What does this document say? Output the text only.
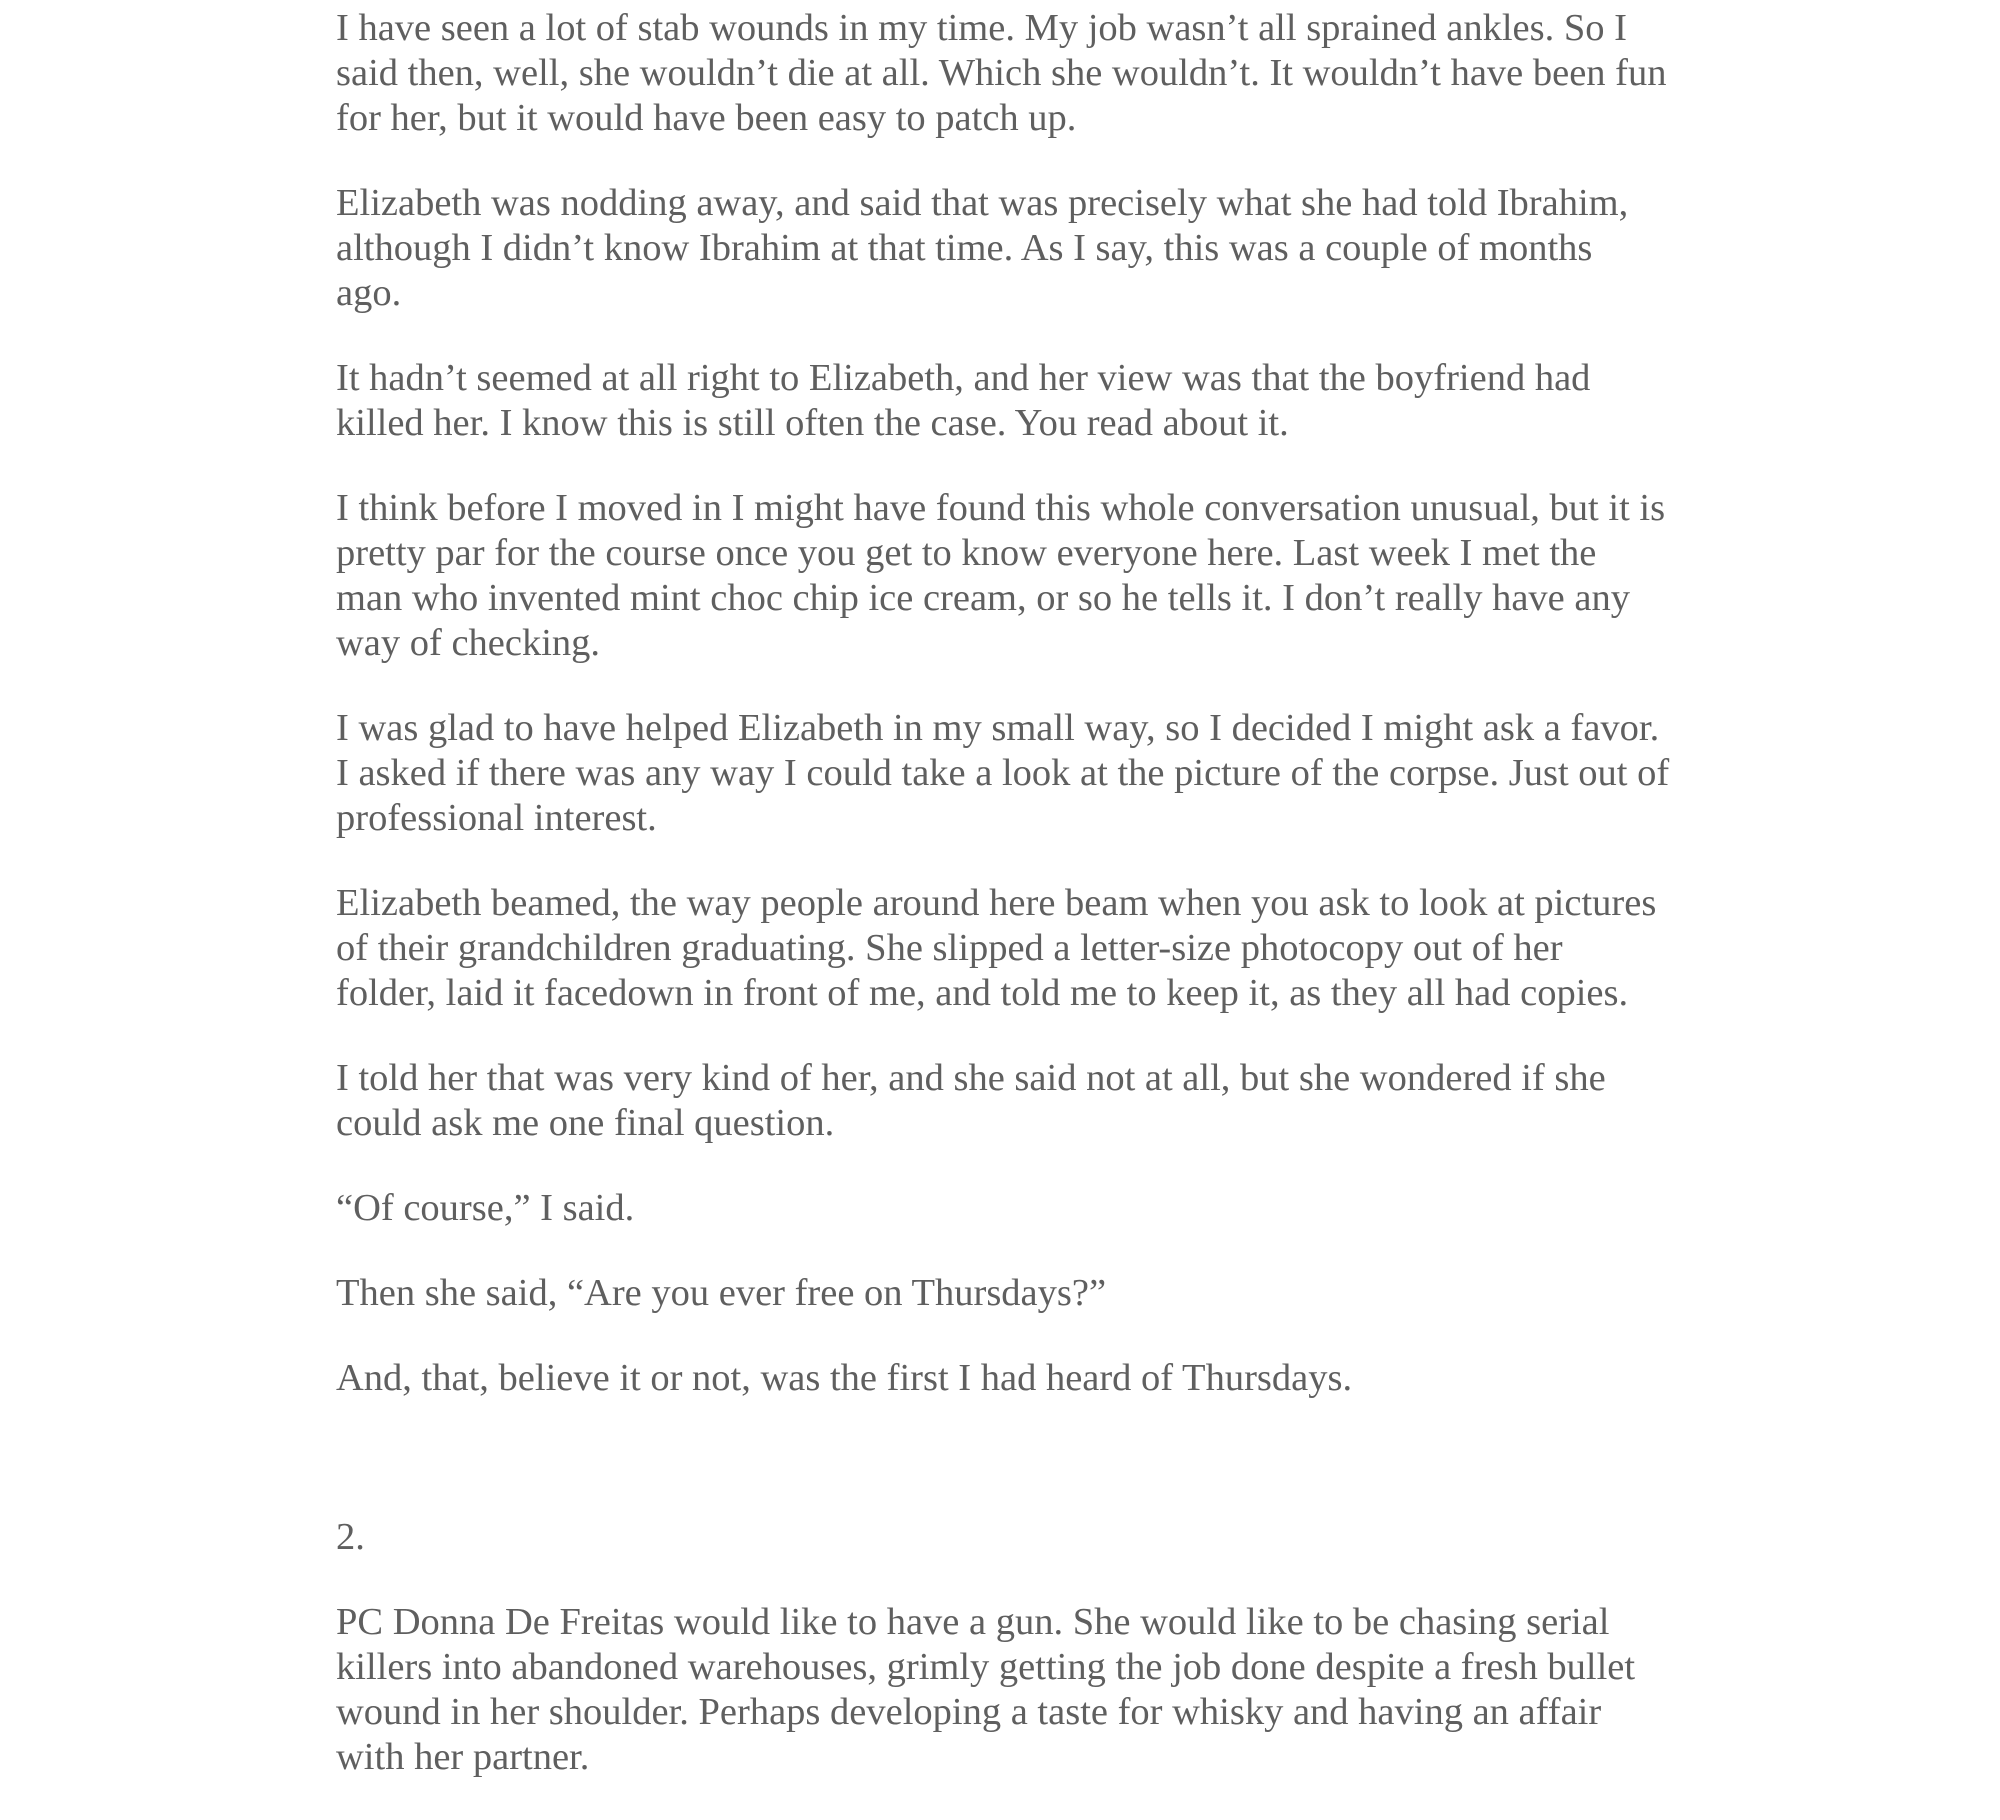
I have seen a lot of stab wounds in my time. My job wasn’t all sprained ankles. So I
said then, well, she wouldn’t die at all. Which she wouldn’t. It wouldn’t have been fun
for her, but it would have been easy to patch up.

Elizabeth was nodding away, and said that was precisely what she had told Ibrahim,
although I didn’t know Ibrahim at that time. As I say, this was a couple of months
ago.

It hadn’t seemed at all right to Elizabeth, and her view was that the boyfriend had
killed her. I know this is still often the case. You read about it.

I think before I moved in I might have found this whole conversation unusual, but it is
pretty par for the course once you get to know everyone here. Last week I met the
man who invented mint choc chip ice cream, or so he tells it. I don’t really have any
way of checking.

I was glad to have helped Elizabeth in my small way, so I decided I might ask a favor.
I asked if there was any way I could take a look at the picture of the corpse. Just out of
professional interest.

Elizabeth beamed, the way people around here beam when you ask to look at pictures
of their grandchildren graduating. She slipped a letter-size photocopy out of her
folder, laid it facedown in front of me, and told me to keep it, as they all had copies.

I told her that was very kind of her, and she said not at all, but she wondered if she
could ask me one final question.

“Of course,” I said.

Then she said, “Are you ever free on Thursdays?”

And, that, believe it or not, was the first I had heard of Thursdays.

2.

PC Donna De Freitas would like to have a gun. She would like to be chasing serial
killers into abandoned warehouses, grimly getting the job done despite a fresh bullet
wound in her shoulder. Perhaps developing a taste for whisky and having an affair
with her partner.
